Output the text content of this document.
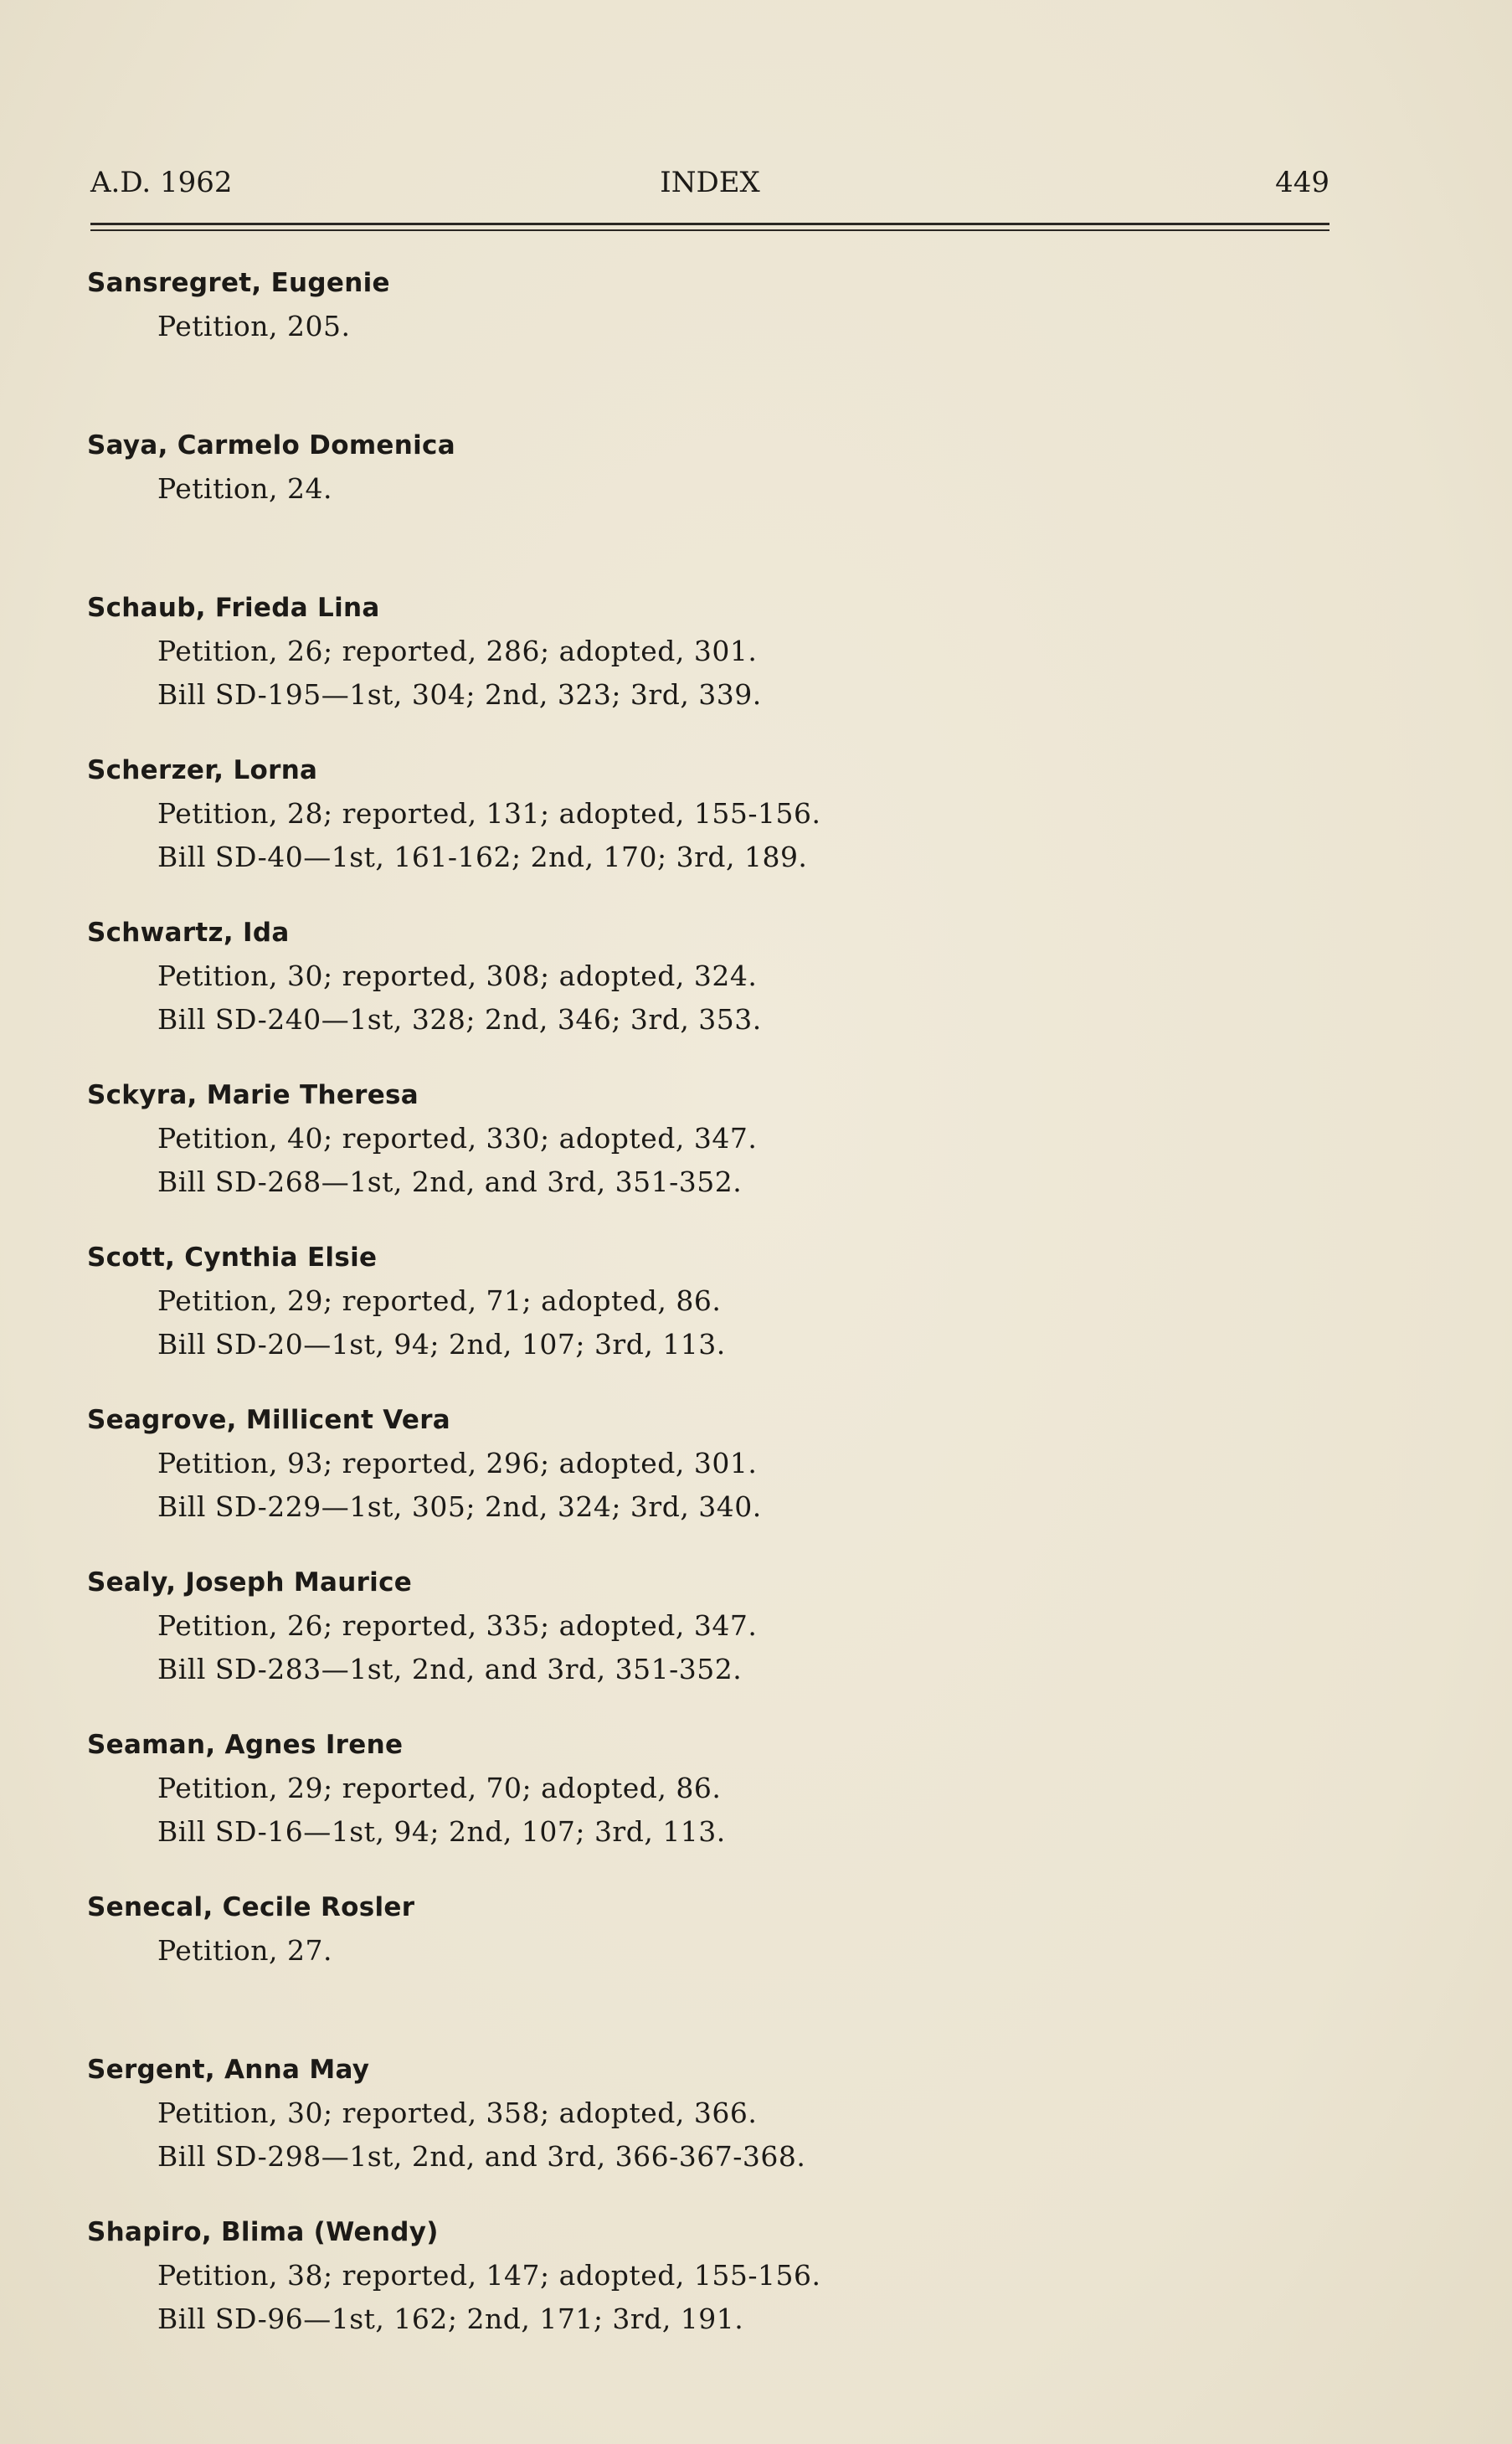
A.D. 1962	INDEX	449
Sansregret, Eugenie
Petition, 205.
Saya, Carmelo Domenica
Petition, 24.
Schaub, Frieda Lina
Petition, 26; reported, 286; adopted, 301.
Bill SD-195—1st, 304; 2nd, 323; 3rd, 339.
Scherzer, Lorna
Petition, 28; reported, 131; adopted, 155-156.
Bill SD-40—1st, 161-162; 2nd, 170; 3rd, 189.
Schwartz, Ida
Petition, 30; reported, 308; adopted, 324.
Bill SD-240—1st, 328; 2nd, 346; 3rd, 353.
Sckyra, Marie Theresa
Petition, 40; reported, 330; adopted, 347.
Bill SD-268—1st, 2nd, and 3rd, 351-352.
Scott, Cynthia Elsie
Petition, 29; reported, 71; adopted, 86.
Bill SD-20—1st, 94; 2nd, 107; 3rd, 113.
Seagrove, Millicent Vera
Petition, 93; reported, 296; adopted, 301.
Bill SD-229—1st, 305; 2nd, 324; 3rd, 340.
Sealy, Joseph Maurice
Petition, 26; reported, 335; adopted, 347.
Bill SD-283—1st, 2nd, and 3rd, 351-352.
Seaman, Agnes Irene
Petition, 29; reported, 70; adopted, 86.
Bill SD-16—1st, 94; 2nd, 107; 3rd, 113.
Senecal, Cecile Rosler
Petition, 27.
Sergent, Anna May
Petition, 30; reported, 358; adopted, 366.
Bill SD-298—1st, 2nd, and 3rd, 366-367-368.
Shapiro, Blima (Wendy)
Petition, 38; reported, 147; adopted, 155-156.
Bill SD-96—1st, 162; 2nd, 171; 3rd, 191.
